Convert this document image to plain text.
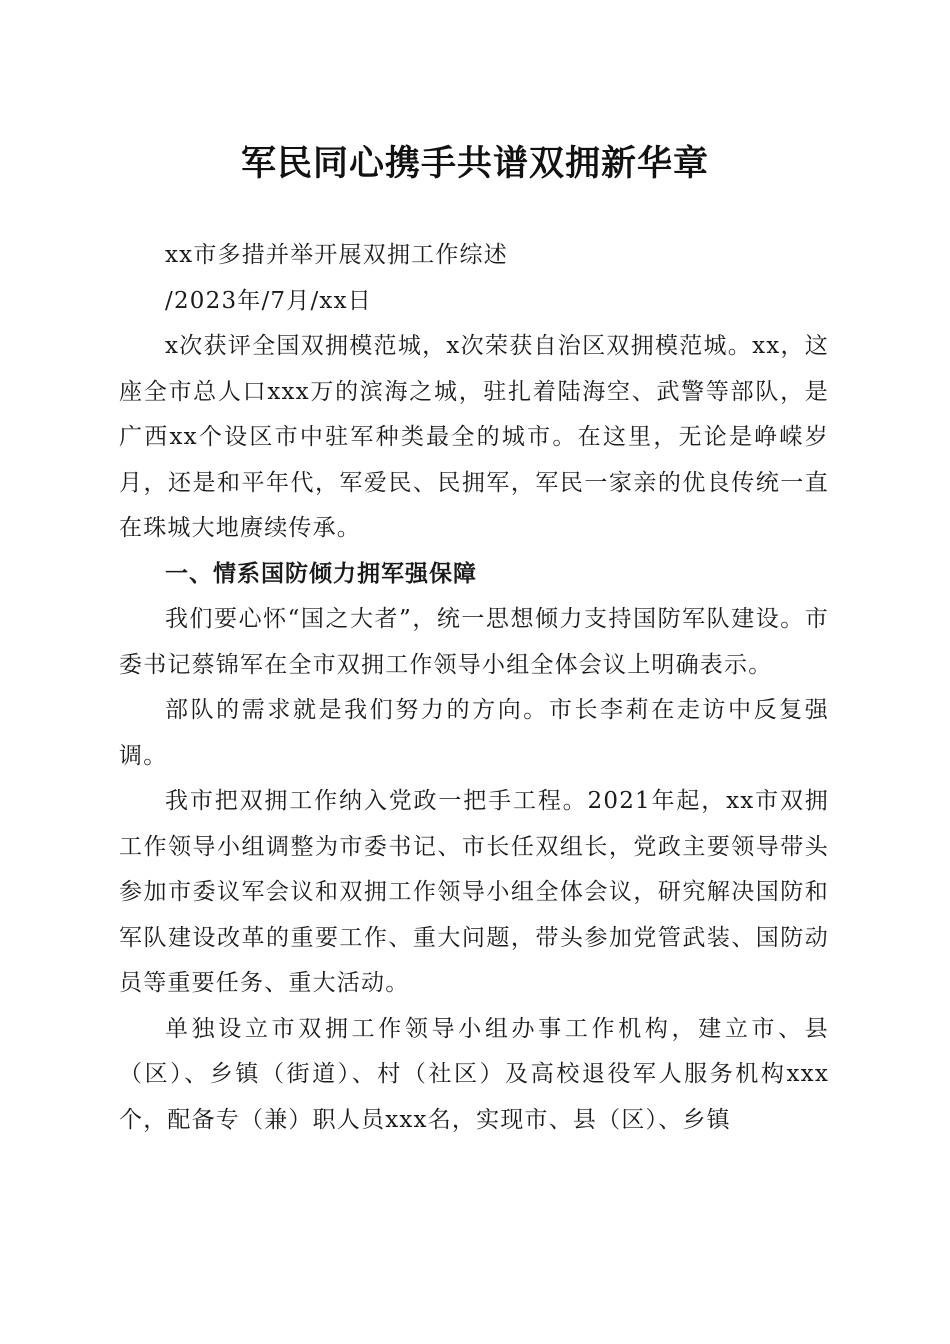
军民同心携手共谱双拥新华章

xx市多措并举开展双拥工作综述

/2023年/7月/xx日

x次获评全国双拥模范城，x次荣获自治区双拥模范城。xx，这座全市总人口xxx万的滨海之城，驻扎着陆海空、武警等部队，是广西xx个设区市中驻军种类最全的城市。在这里，无论是峥嵘岁月，还是和平年代，军爱民、民拥军，军民一家亲的优良传统一直在珠城大地赓续传承。

一、情系国防倾力拥军强保障

我们要心怀“国之大者”，统一思想倾力支持国防军队建设。市委书记蔡锦军在全市双拥工作领导小组全体会议上明确表示。

部队的需求就是我们努力的方向。市长李莉在走访中反复强调。

我市把双拥工作纳入党政一把手工程。2021年起，xx市双拥工作领导小组调整为市委书记、市长任双组长，党政主要领导带头参加市委议军会议和双拥工作领导小组全体会议，研究解决国防和军队建设改革的重要工作、重大问题，带头参加党管武装、国防动员等重要任务、重大活动。

单独设立市双拥工作领导小组办事工作机构，建立市、县（区）、乡镇（街道）、村（社区）及高校退役军人服务机构xxx个，配备专（兼）职人员xxx名，实现市、县（区）、乡镇
